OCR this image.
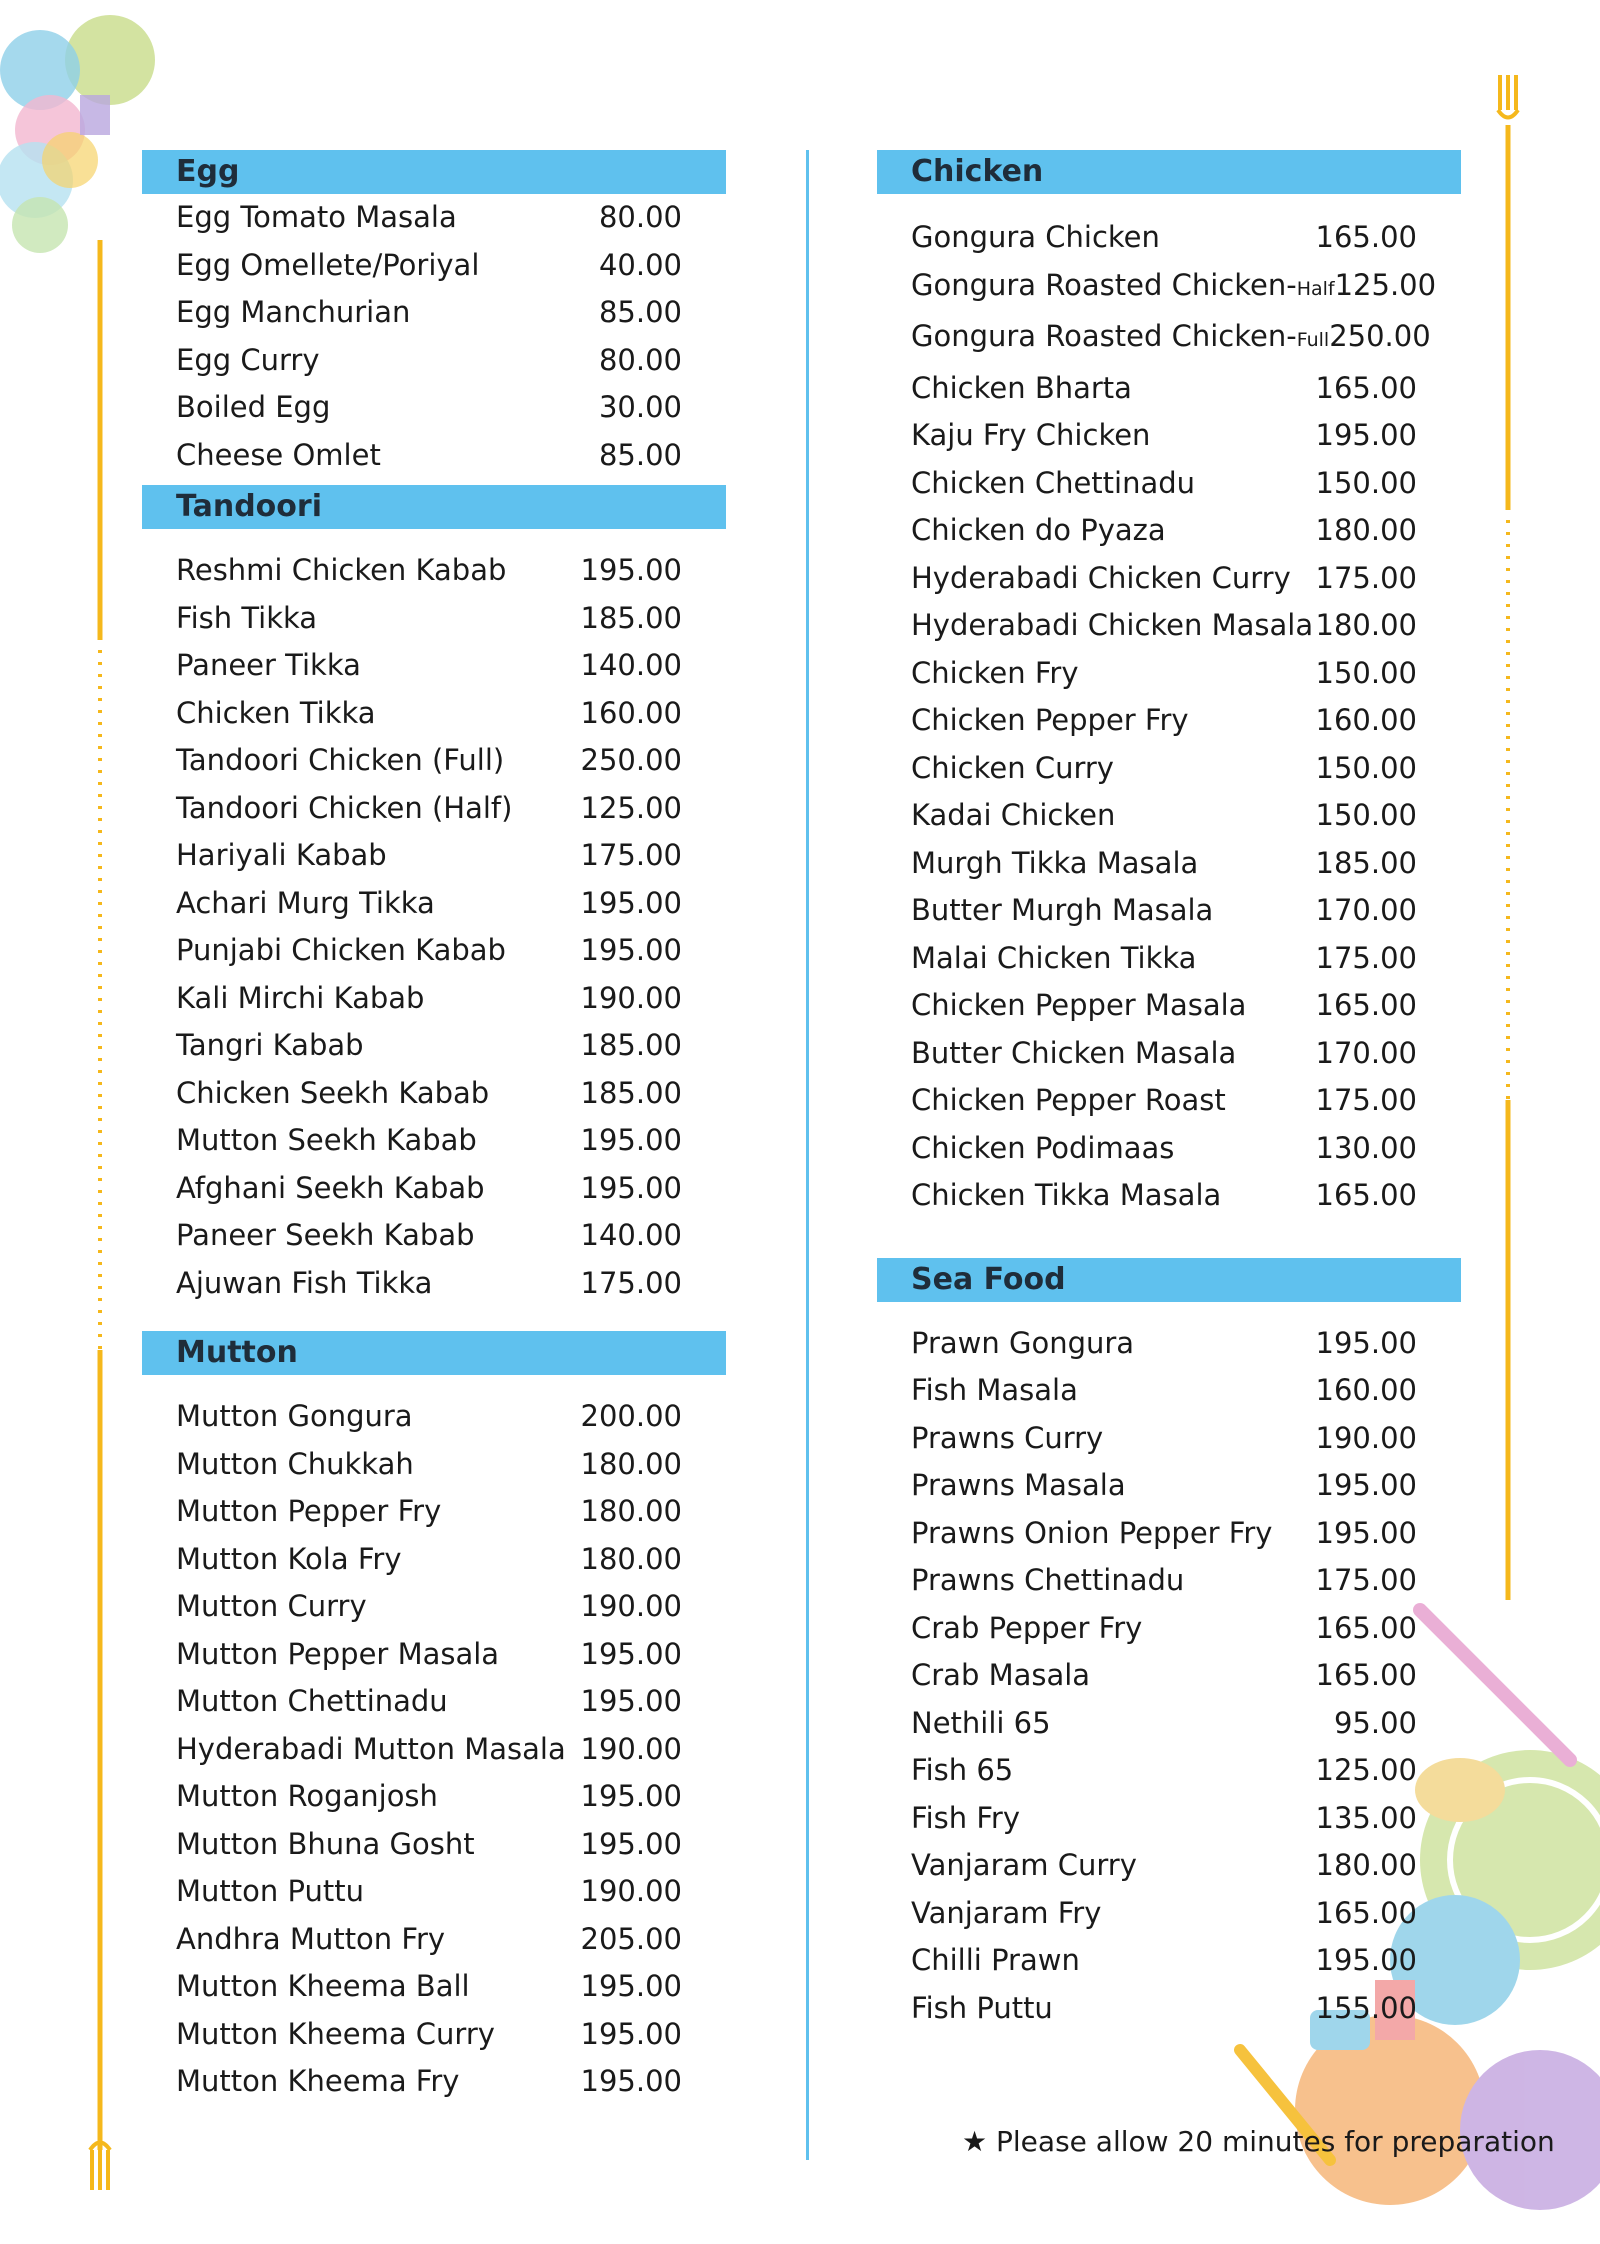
Egg
Egg Tomato Masala	80.00
Egg Omellete/Poriyal	40.00
Egg Manchurian	85.00
Egg Curry	80.00
Boiled Egg	30.00
Cheese Omlet	85.00
Tandoori
Reshmi Chicken Kabab	195.00
Fish Tikka	185.00
Paneer Tikka	140.00
Chicken Tikka	160.00
Tandoori Chicken (Full)	250.00
Tandoori Chicken (Half)	125.00
Hariyali Kabab	175.00
Achari Murg Tikka	195.00
Punjabi Chicken Kabab	195.00
Kali Mirchi Kabab	190.00
Tangri Kabab	185.00
Chicken Seekh Kabab	185.00
Mutton Seekh Kabab	195.00
Afghani Seekh Kabab	195.00
Paneer Seekh Kabab	140.00
Ajuwan Fish Tikka	175.00
Mutton
Mutton Gongura	200.00
Mutton Chukkah	180.00
Mutton Pepper Fry	180.00
Mutton Kola Fry	180.00
Mutton Curry	190.00
Mutton Pepper Masala	195.00
Mutton Chettinadu	195.00
Hyderabadi Mutton Masala 190.00
Mutton Roganjosh	195.00
Mutton Bhuna Gosht	195.00
Mutton Puttu	190.00
Andhra Mutton Fry	205.00
Mutton Kheema Ball	195.00
Mutton Kheema Curry	195.00
Mutton Kheema Fry	195.00
Chicken
Gongura Chicken	165.00
Gongura Roasted Chicken-Half 125.00
Gongura Roasted Chicken-Full 250.00
Chicken Bharta	165.00
Kaju Fry Chicken	195.00
Chicken Chettinadu	150.00
Chicken do Pyaza	180.00
Hyderabadi Chicken Curry 175.00
Hyderabadi Chicken Masala 180.00
Chicken Fry	150.00
Chicken Pepper Fry	160.00
Chicken Curry	150.00
Kadai Chicken	150.00
Murgh Tikka Masala	185.00
Butter Murgh Masala	170.00
Malai Chicken Tikka	175.00
Chicken Pepper Masala	165.00
Butter Chicken Masala	170.00
Chicken Pepper Roast	175.00
Chicken Podimaas	130.00
Chicken Tikka Masala	165.00
Sea Food
Prawn Gongura	195.00
Fish Masala	160.00
Prawns Curry	190.00
Prawns Masala	195.00
Prawns Onion Pepper Fry	195.00
Prawns Chettinadu	175.00
Crab Pepper Fry	165.00
Crab Masala	165.00
Nethili 65	95.00
Fish 65	125.00
Fish Fry	135.00
Vanjaram Curry	180.00
Vanjaram Fry	165.00
Chilli Prawn	195.00
Fish Puttu	155.00
★ Please allow 20 minutes for preparation
